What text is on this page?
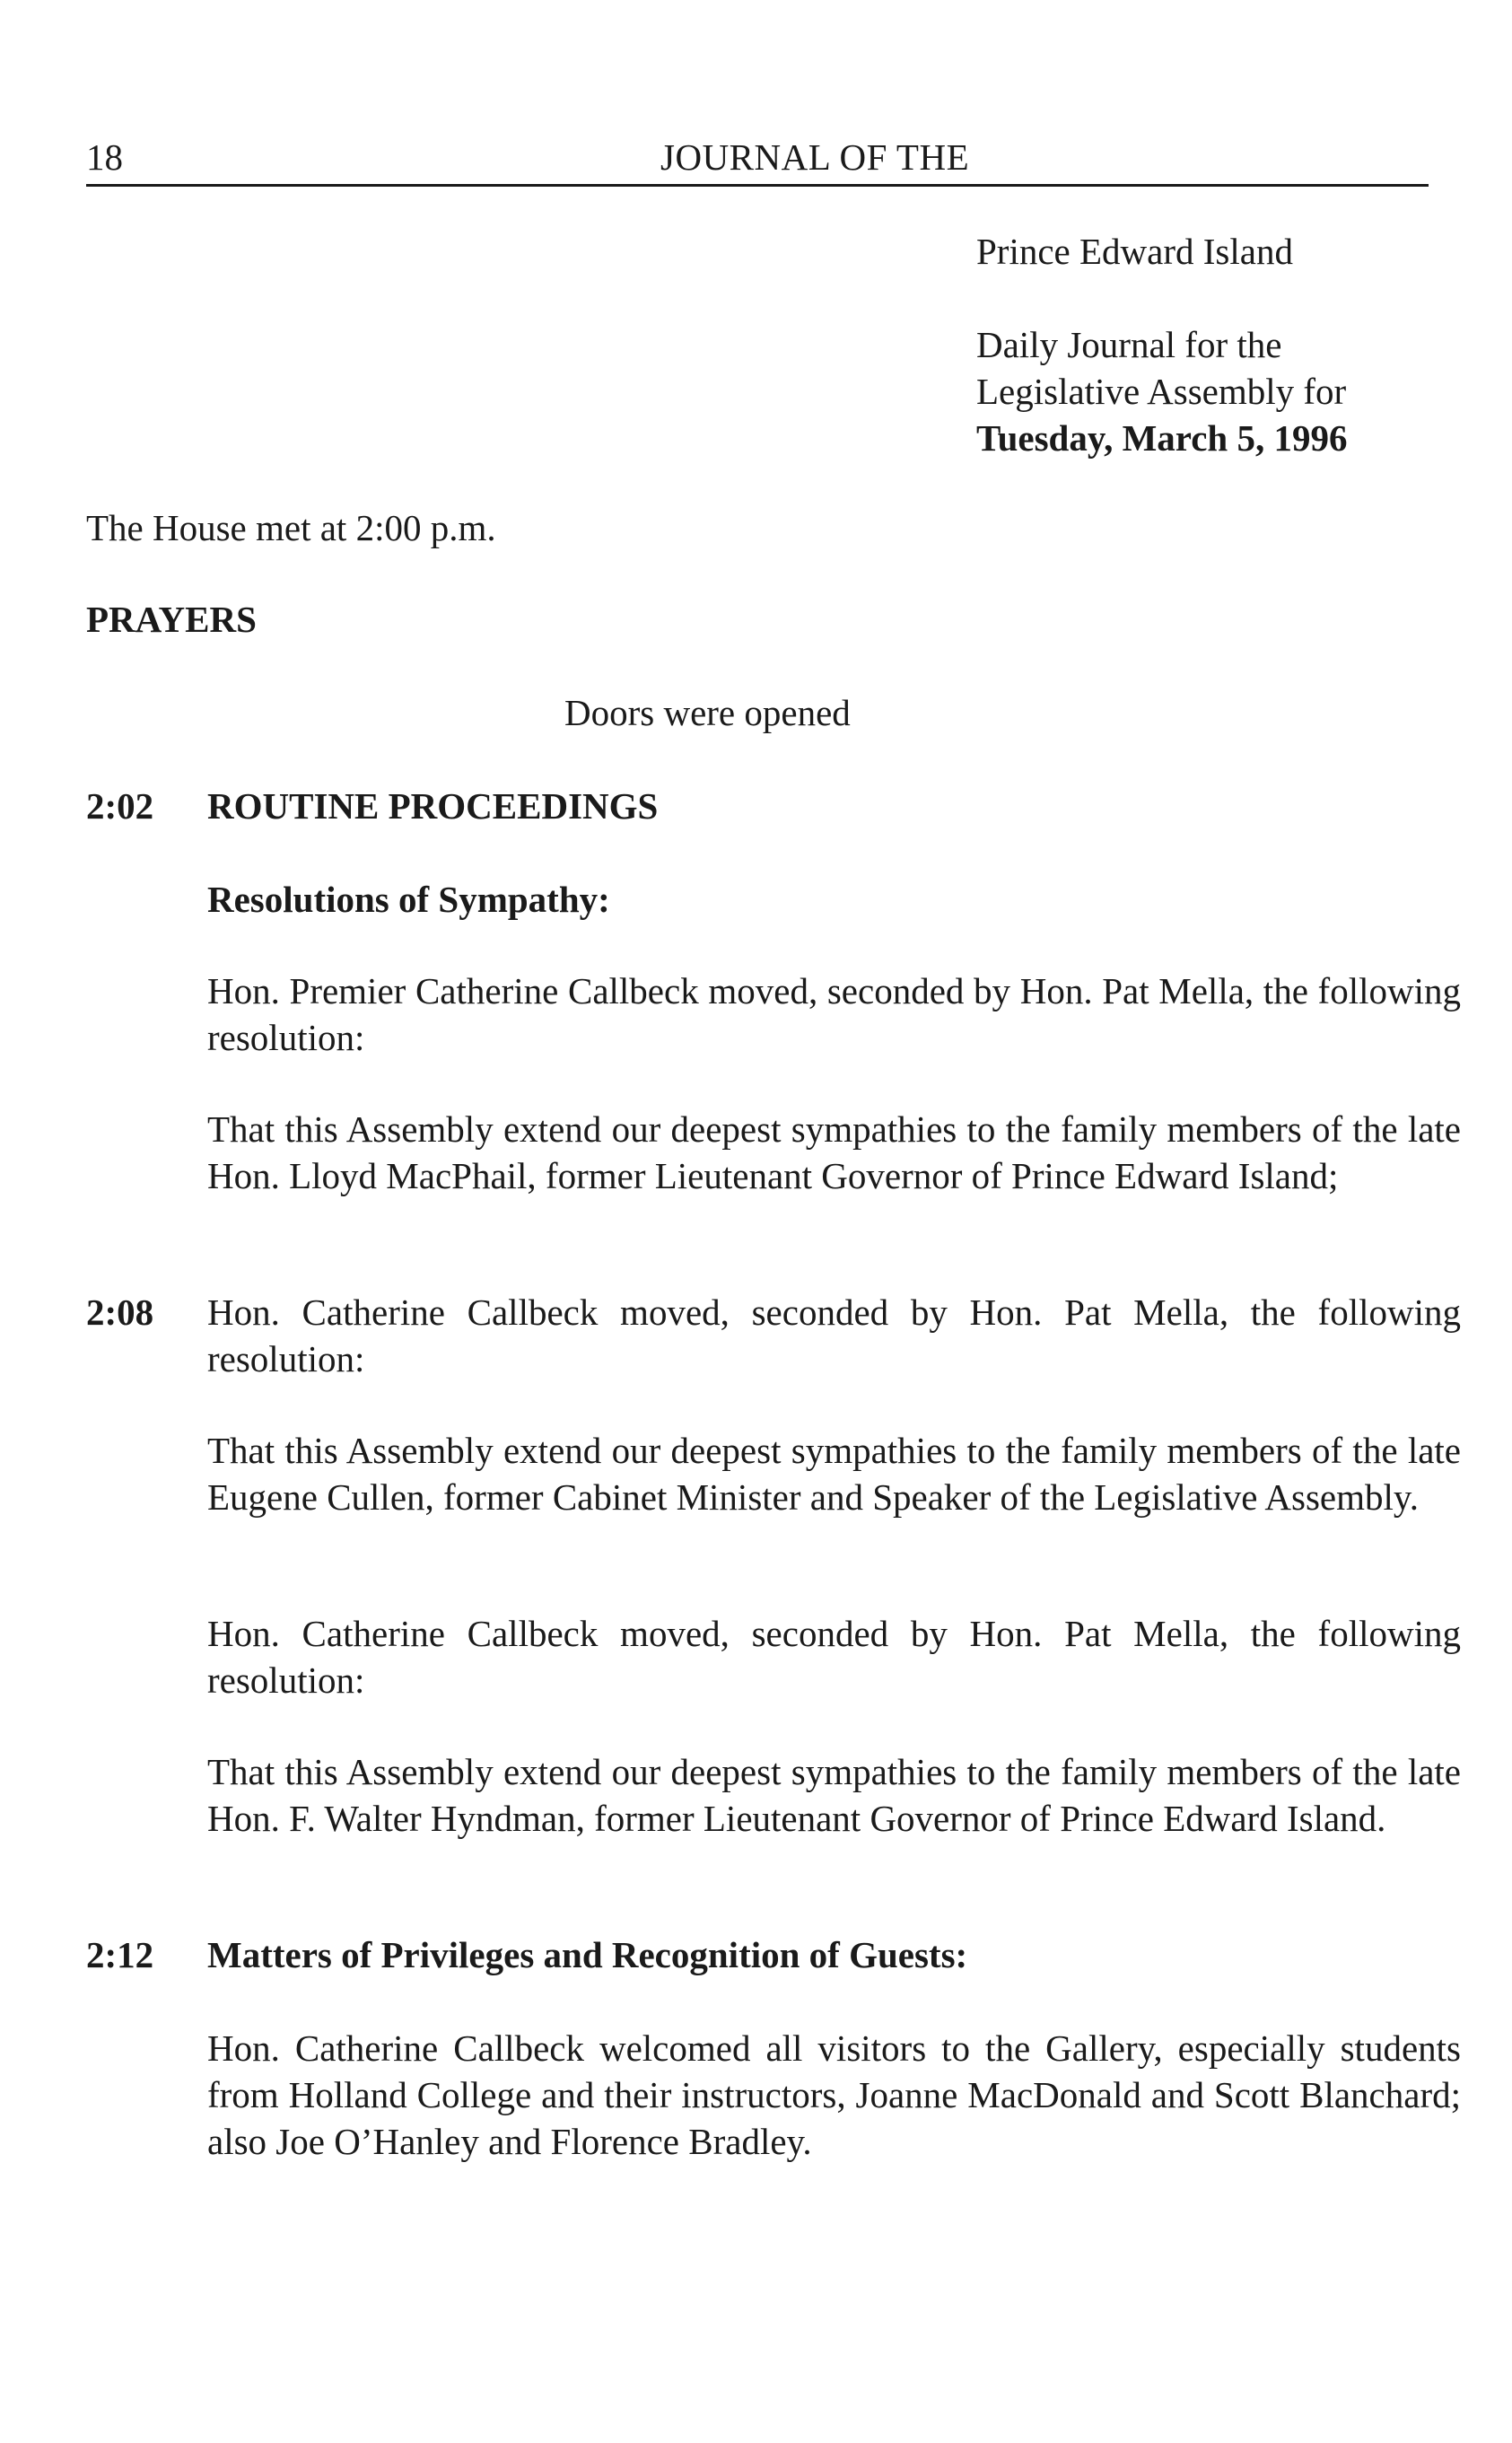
18	JOURNAL OF THE
Prince Edward Island
Daily Journal for the
Legislative Assembly for
Tuesday, March 5, 1996
The House met at 2:00 p.m.
PRAYERS
Doors were opened
2:02 ROUTINE PROCEEDINGS
Resolutions of Sympathy:
Hon. Premier Catherine Callbeck moved, seconded by Hon. Pat Mella, the following resolution:
That this Assembly extend our deepest sympathies to the family members of the late Hon. Lloyd MacPhail, former Lieutenant Governor of Prince Edward Island;
2:08 Hon. Catherine Callbeck moved, seconded by Hon. Pat Mella, the following resolution:
That this Assembly extend our deepest sympathies to the family members of the late Eugene Cullen, former Cabinet Minister and Speaker of the Legislative Assembly.
Hon. Catherine Callbeck moved, seconded by Hon. Pat Mella, the following resolution:
That this Assembly extend our deepest sympathies to the family members of the late Hon. F. Walter Hyndman, former Lieutenant Governor of Prince Edward Island.
2:12 Matters of Privileges and Recognition of Guests:
Hon. Catherine Callbeck welcomed all visitors to the Gallery, especially students from Holland College and their instructors, Joanne MacDonald and Scott Blanchard; also Joe O’Hanley and Florence Bradley.
